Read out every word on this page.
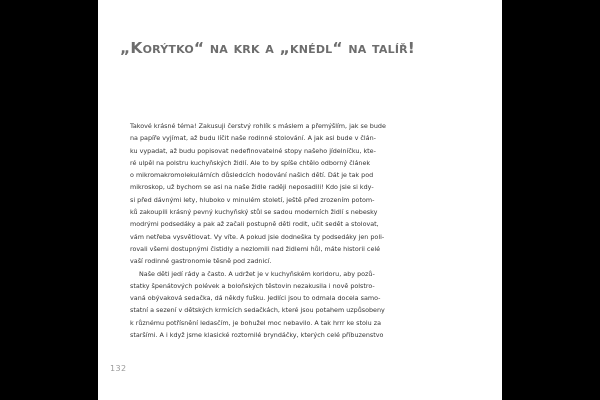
„Korýtko“ na krk a „knédl“ na talíř!

Takové krásné téma! Zakusuji čerstvý rohlík s máslem a přemýšlím, jak se bude
na papíře vyjímat, až budu líčit naše rodinné stolování. A jak asi bude v člán-
ku vypadat, až budu popisovat nedefinovatelné stopy našeho jídelníčku, kte-
ré ulpěl na polstru kuchyňských židlí. Ale to by spíše chtělo odborný článek
o mikromakromolekulárních důsledcích hodování našich dětí. Dát je tak pod
mikroskop, už bychom se asi na naše židle raději neposadili! Kdo jsie si kdy-
si před dávnými lety, hluboko v minulém století, ještě před zrozením potom-
ků zakoupili krásný pevný kuchyňský stůl se sadou moderních židlí s nebesky
modrými podsedáky a pak až začali postupně děti rodit, učit sedět a stolovat,
vám netřeba vysvětlovat. Vy víte. A pokud jsie dodneška ty podsedáky jen poli-
rovali všemi dostupnými čistidly a nezlomili nad židlemi hůl, máte historii celé
vaší rodinné gastronomie těsně pod zadnicí.

Naše děti jedí rády a často. A udržet je v kuchyňském koridoru, aby pozů-
statky špenátových polévek a boloňských těstovin nezakusila i nově polstro-
vaná obývaková sedačka, dá někdy fušku. Jedlíci jsou to odmala docela samo-
statní a sezení v dětských krmících sedačkách, které jsou potahem uzpůsobeny
k různému potřísnění ledasčím, je bohužel moc nebavilo. A tak hrrr ke stolu za
staršími. A i když jsme klasické roztomilé bryndáčky, kterých celé příbuzenstvo

132
